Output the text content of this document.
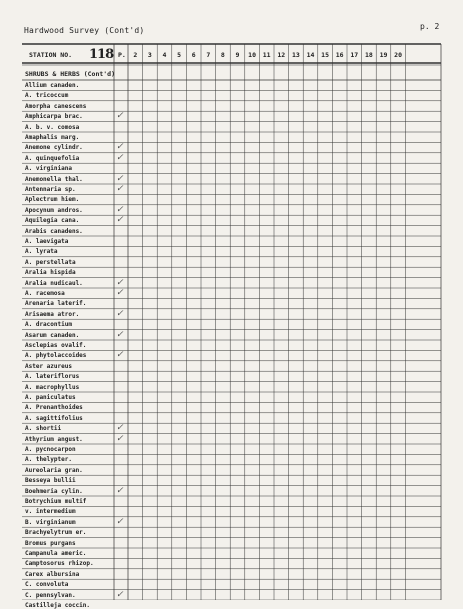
Hardwood Survey (Cont'd)	p. 2
STATION NO. 118 P.	2	3	4	5	6	7	8	9	10	11	12	13	14	15	16	17	18	19	20
SHRUBS & HERBS (Cont'd)
Allium canaden.
A. tricoccum
Amorpha canescens
Amphicarpa brac.	✓
A. b. v. comosa
Amaphalis marg.
Anemone cylindr.	✓
A. quinquefolia	✓
A. virginiana
Anemonella thal.	✓
Antennaria sp.	✓
Aplectrum hiem.
Apocynum andros.	✓
Aquilegia cana.	✓
Arabis canadens.
A. laevigata
A. lyrata
A. perstellata
Aralia hispida
Aralia nudicaul.	✓
A. racemosa	✓
Arenaria laterif.
Arisaema atror.	✓
A. dracontium
Asarum canaden.	✓
Asclepias ovalif.
A. phytolaccoides	✓
Aster azureus
A. lateriflorus
A. macrophyllus
A. paniculatus
A. Prenanthoides
A. sagittifolius
A. shortii	✓
Athyrium angust.	✓
A. pycnocarpon
A. thelypter.
Aureolaria gran.
Besseya bullii
Boehmeria cylin.	✓
Botrychium multif
v. intermedium
B. virginianum	✓
Brachyelytrum er.
Bromus purgans
Campanula americ.
Camptosorus rhizop.
Carex albursina
C. convoluta
C. pennsylvan.	✓
Castilleja coccin.
